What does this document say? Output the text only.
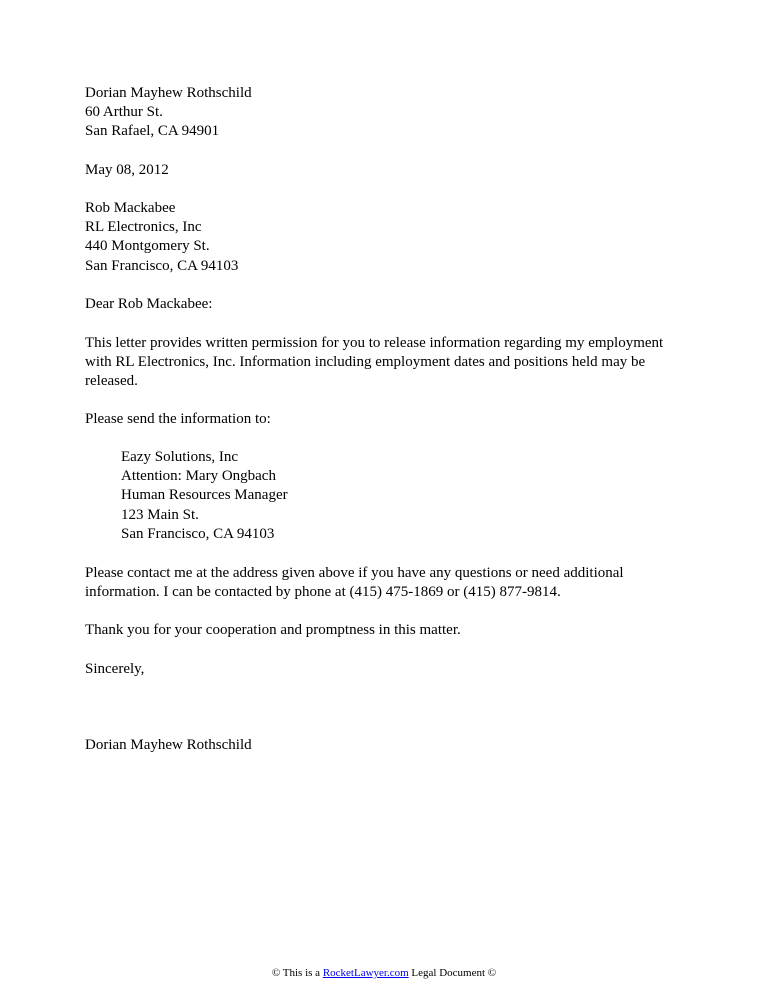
Dorian Mayhew Rothschild
60 Arthur St.
San Rafael, CA 94901
May 08, 2012
Rob Mackabee
RL Electronics, Inc
440 Montgomery St.
San Francisco, CA 94103
Dear Rob Mackabee:
This letter provides written permission for you to release information regarding my employment
with RL Electronics, Inc. Information including employment dates and positions held may be
released.
Please send the information to:
Eazy Solutions, Inc
Attention: Mary Ongbach
Human Resources Manager
123 Main St.
San Francisco, CA 94103
Please contact me at the address given above if you have any questions or need additional
information. I can be contacted by phone at (415) 475-1869 or (415) 877-9814.
Thank you for your cooperation and promptness in this matter.
Sincerely,
Dorian Mayhew Rothschild
© This is a RocketLawyer.com Legal Document ©
